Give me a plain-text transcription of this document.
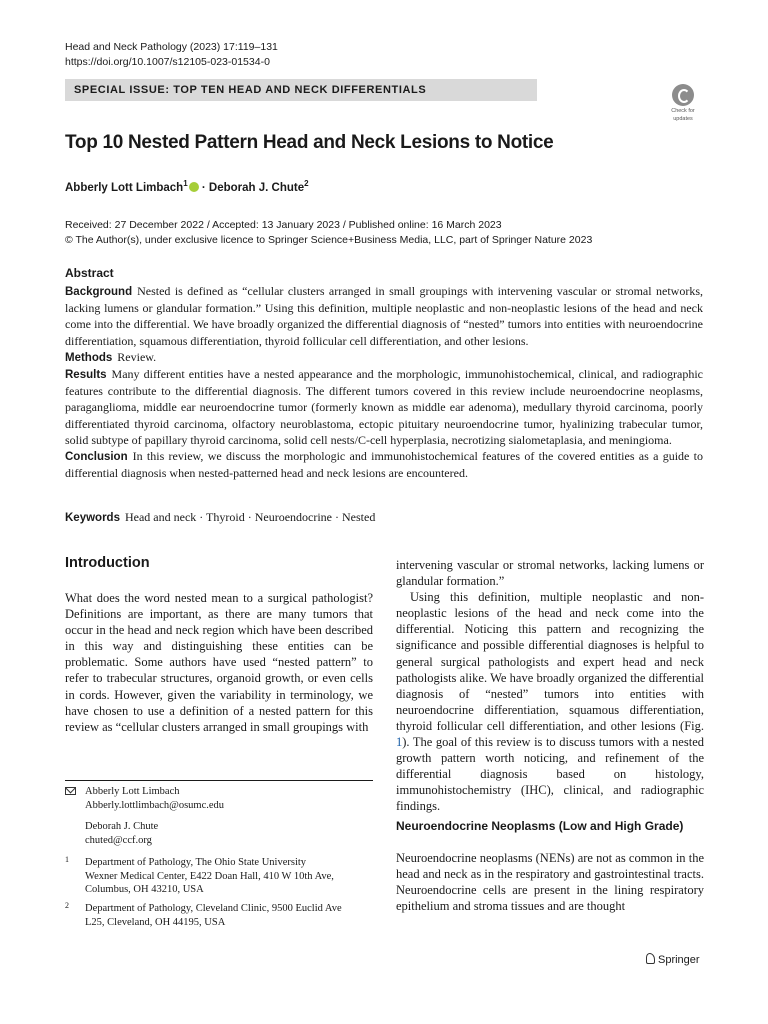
Head and Neck Pathology (2023) 17:119–131
https://doi.org/10.1007/s12105-023-01534-0
SPECIAL ISSUE: TOP TEN HEAD AND NECK DIFFERENTIALS
Check for
updates
Top 10 Nested Pattern Head and Neck Lesions to Notice
Abberly Lott Limbach$^1$ · Deborah J. Chute$^2$
Received: 27 December 2022 / Accepted: 13 January 2023 / Published online: 16 March 2023
© The Author(s), under exclusive licence to Springer Science+Business Media, LLC, part of Springer Nature 2023
Abstract

Background Nested is defined as “cellular clusters arranged in small groupings with intervening vascular or stromal networks, lacking lumens or glandular formation.” Using this definition, multiple neoplastic and non-neoplastic lesions of the head and neck come into the differential. We have broadly organized the differential diagnosis of “nested” tumors into entities with neuroendocrine differentiation, squamous differentiation, thyroid follicular cell differentiation, and other lesions.

Methods Review.

Results Many different entities have a nested appearance and the morphologic, immunohistochemical, clinical, and radiographic features contribute to the differential diagnosis. The different tumors covered in this review include neuroendocrine neoplasms, paraganglioma, middle ear neuroendocrine tumor (formerly known as middle ear adenoma), medullary thyroid carcinoma, poorly differentiated thyroid carcinoma, olfactory neuroblastoma, ectopic pituitary neuroendocrine tumor, hyalinizing trabecular tumor, solid subtype of papillary thyroid carcinoma, solid cell nests/C-cell hyperplasia, necrotizing sialometaplasia, and meningioma.

Conclusion In this review, we discuss the morphologic and immunohistochemical features of the covered entities as a guide to differential diagnosis when nested-patterned head and neck lesions are encountered.

Keywords Head and neck · Thyroid · Neuroendocrine · Nested
Introduction

What does the word nested mean to a surgical pathologist? Definitions are important, as there are many tumors that occur in the head and neck region which have been described in this way and distinguishing these entities can be problematic. Some authors have used “nested pattern” to refer to trabecular structures, organoid growth, or even cells in cords. However, given the variability in terminology, we have chosen to use a definition of a nested pattern for this review as “cellular clusters arranged in small groupings with

intervening vascular or stromal networks, lacking lumens or glandular formation.”

Using this definition, multiple neoplastic and non-neoplastic lesions of the head and neck come into the differential. Noticing this pattern and recognizing the significance and possible differential diagnoses is helpful to general surgical pathologists and expert head and neck pathologists alike. We have broadly organized the differential diagnosis of “nested” tumors into entities with neuroendocrine differentiation, squamous differentiation, thyroid follicular cell differentiation, and other lesions (Fig. 1). The goal of this review is to discuss tumors with a nested growth pattern worth noticing, and refinement of the differential diagnosis based on histology, immunohistochemistry (IHC), clinical, and radiographic findings.

Abberly Lott Limbach
Abberly.lottlimbach@osumc.edu
Deborah J. Chute
chuted@ccf.org
1 Department of Pathology, The Ohio State University
Wexner Medical Center, E422 Doan Hall, 410 W 10th Ave,
Columbus, OH 43210, USA
2 Department of Pathology, Cleveland Clinic, 9500 Euclid Ave
L25, Cleveland, OH 44195, USA
Neuroendocrine Neoplasms (Low and High Grade)

Neuroendocrine neoplasms (NENs) are not as common in the head and neck as in the respiratory and gastrointestinal tracts. Neuroendocrine cells are present in the lining respiratory epithelium and stroma tissues and are thought

Springer
